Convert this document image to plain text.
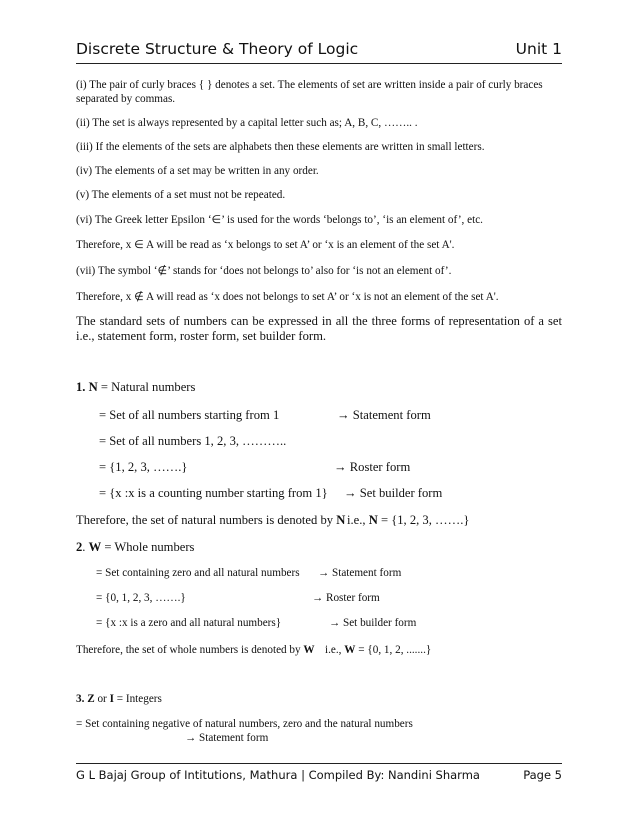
Discrete Structure & Theory of Logic	Unit 1
(i) The pair of curly braces { } denotes a set. The elements of set are written inside a pair of curly braces separated by commas.
(ii) The set is always represented by a capital letter such as; A, B, C, …….. .
(iii) If the elements of the sets are alphabets then these elements are written in small letters.
(iv) The elements of a set may be written in any order.
(v) The elements of a set must not be repeated.
(vi) The Greek letter Epsilon ‘∈’ is used for the words ‘belongs to’, ‘is an element of’, etc.
Therefore, x ∈ A will be read as ‘x belongs to set A’ or ‘x is an element of the set A'.
(vii) The symbol ‘∉’ stands for ‘does not belongs to’ also for ‘is not an element of’.
Therefore, x ∉ A will read as ‘x does not belongs to set A’ or ‘x is not an element of the set A'.
The standard sets of numbers can be expressed in all the three forms of representation of a set i.e., statement form, roster form, set builder form.
1. N = Natural numbers
= Set of all numbers starting from 1	→ Statement form
= Set of all numbers 1, 2, 3, ………..
= {1, 2, 3, …….}	→ Roster form
= {x :x is a counting number starting from 1} → Set builder form
Therefore, the set of natural numbers is denoted by N i.e., N = {1, 2, 3, …….}
2. W = Whole numbers
= Set containing zero and all natural numbers → Statement form
= {0, 1, 2, 3, …….}	→ Roster form
= {x :x is a zero and all natural numbers}	→ Set builder form
Therefore, the set of whole numbers is denoted by W i.e., W = {0, 1, 2, .......}
3. Z or I = Integers
= Set containing negative of natural numbers, zero and the natural numbers
→ Statement form
G L Bajaj Group of Intitutions, Mathura | Compiled By: Nandini Sharma	Page 5
